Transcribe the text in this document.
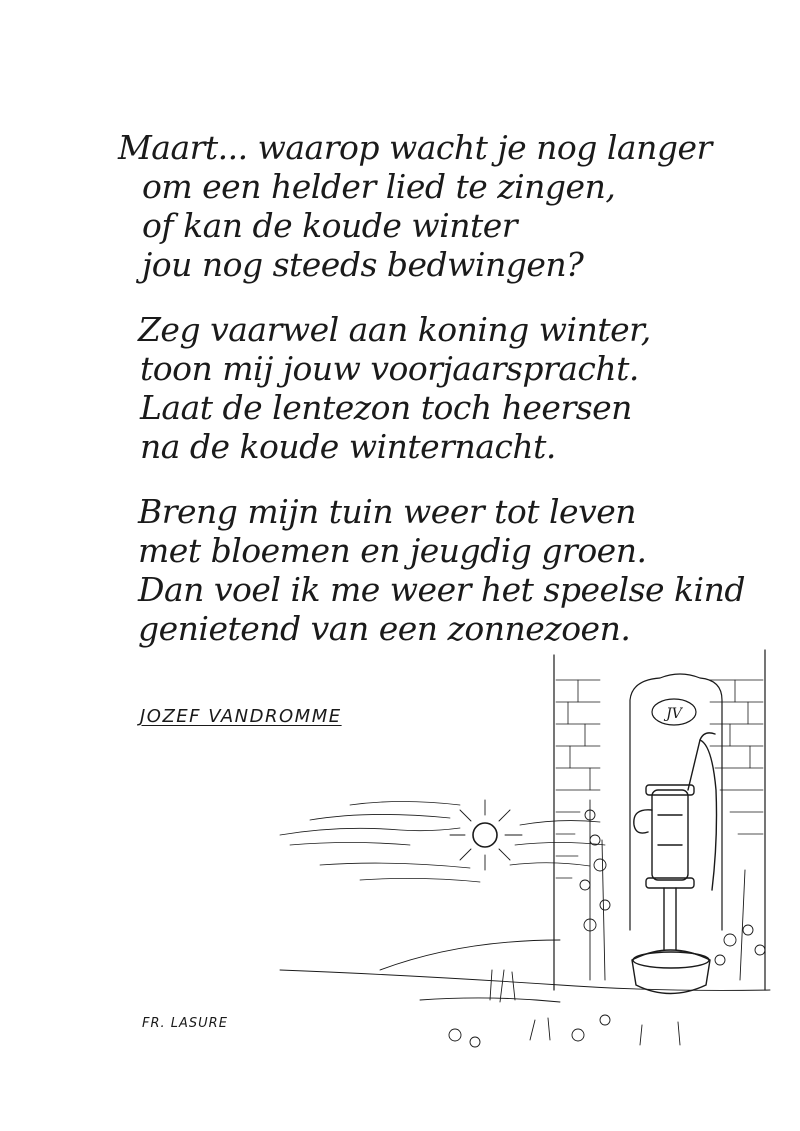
Maart... waarop wacht je nog langer
om een helder lied te zingen,
of kan de koude winter
jou nog steeds bedwingen?
Zeg vaarwel aan koning winter,
toon mij jouw voorjaarspracht.
Laat de lentezon toch heersen
na de koude winternacht.
Breng mijn tuin weer tot leven
met bloemen en jeugdig groen.
Dan voel ik me weer het speelse kind
genietend van een zonnezoen.
JOZEF VANDROMME
FR. LASURE
JV
